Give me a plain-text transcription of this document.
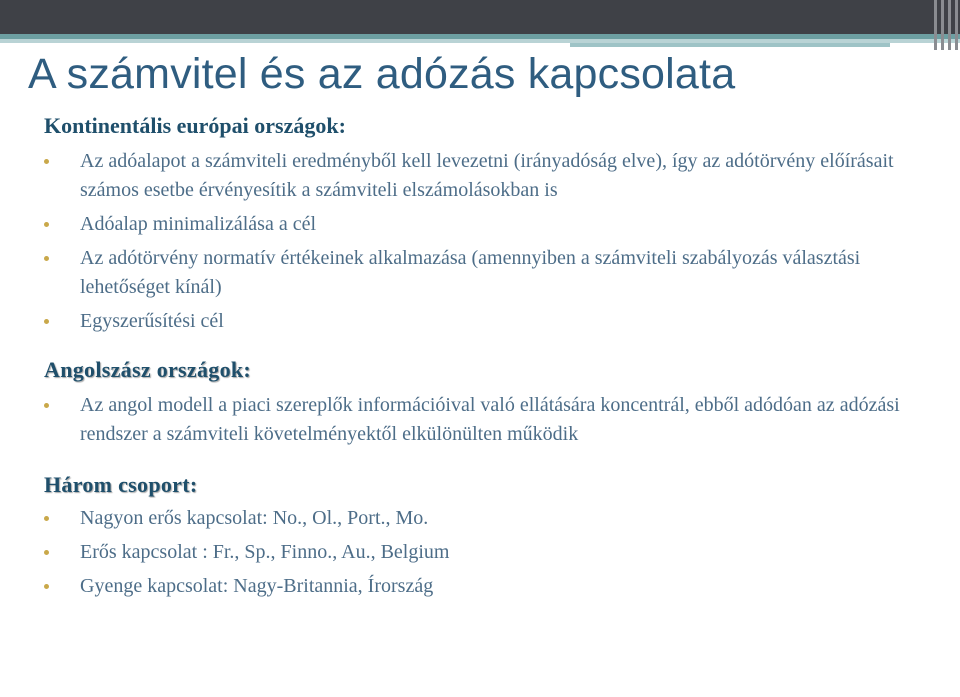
A számvitel és az adózás kapcsolata
Kontinentális európai országok:
Az adóalapot a számviteli eredményből kell levezetni (irányadóság elve), így az adótörvény előírásait számos esetbe érvényesítik a számviteli elszámolásokban is
Adóalap minimalizálása a cél
Az adótörvény normatív értékeinek alkalmazása (amennyiben a számviteli szabályozás választási lehetőséget kínál)
Egyszerűsítési cél
Angolszász országok:
Az angol modell a piaci szereplők információival való ellátására koncentrál, ebből adódóan az adózási rendszer a számviteli követelményektől elkülönülten működik
Három csoport:
Nagyon erős kapcsolat: No., Ol., Port., Mo.
Erős kapcsolat : Fr., Sp., Finno., Au., Belgium
Gyenge kapcsolat: Nagy-Britannia, Írország
